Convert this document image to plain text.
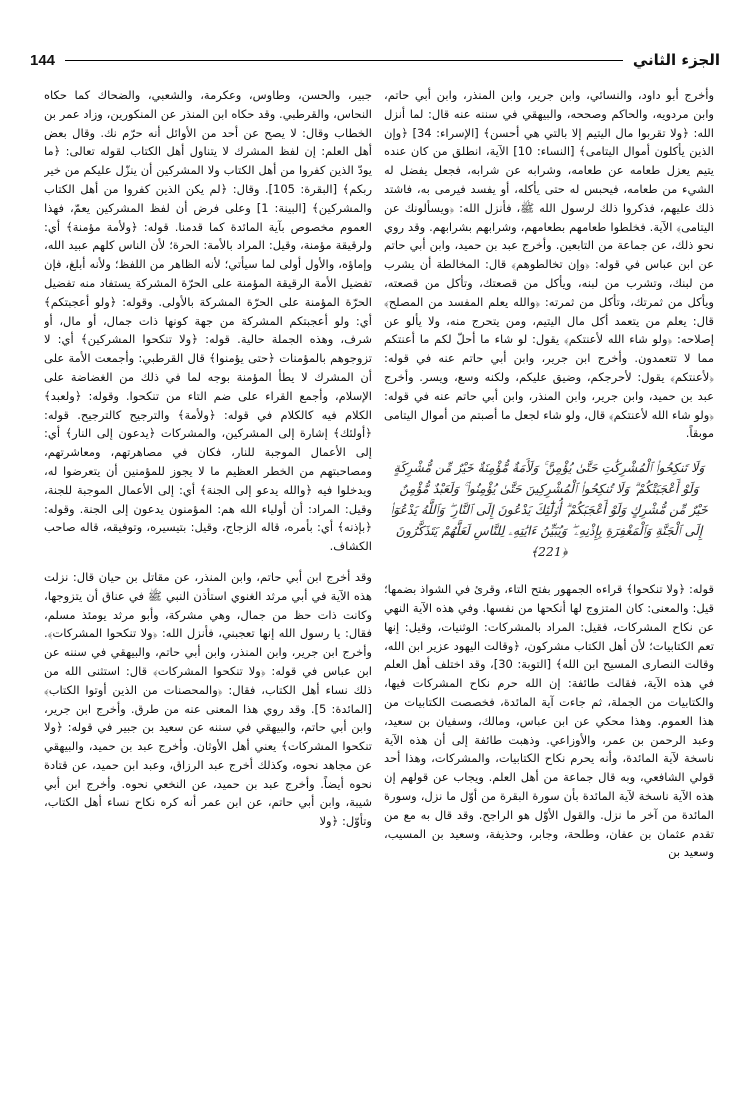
144	الجزء الثاني

وأخرج أبو داود، والنسائي، وابن جرير، وابن المنذر، وابن أبي حاتم، وابن مردويه، والحاكم وصححه، والبيهقي في سننه عنه قال: لما أنزل الله: ﴿ولا تقربوا مال اليتيم إلا بالتي هي أحسن﴾ [الإسراء: 34] ﴿وإن الذين يأكلون أموال اليتامى﴾ [النساء: 10] الآية، انطلق من كان عنده يتيم يعزل طعامه عن طعامه، وشرابه عن شرابه، فجعل يفضل له الشيء من طعامه، فيحبس له حتى يأكله، أو يفسد فيرمى به، فاشتد ذلك عليهم، فذكروا ذلك لرسول الله ﷺ، فأنزل الله: ﴿ويسألونك عن اليتامى﴾ الآية. فخلطوا طعامهم بطعامهم، وشرابهم بشرابهم. وقد روي نحو ذلك، عن جماعة من التابعين. وأخرج عبد بن حميد، وابن أبي حاتم عن ابن عباس في قوله: ﴿وإن تخالطوهم﴾ قال: المخالطة أن يشرب من لبنك، وتشرب من لبنه، ويأكل من قصعتك، وتأكل من قصعته، ويأكل من ثمرتك، وتأكل من ثمرته: ﴿والله يعلم المفسد من المصلح﴾ قال: يعلم من يتعمد أكل مال اليتيم، ومن يتحرج منه، ولا يألو عن إصلاحه: ﴿ولو شاء الله لأعنتكم﴾ يقول: لو شاء ما أحلّ لكم ما أعنتكم مما لا تتعمدون. وأخرج ابن جرير، وابن أبي حاتم عنه في قوله: ﴿لأعنتكم﴾ يقول: لأحرجكم، وضيق عليكم، ولكنه وسع، ويسر. وأخرج عبد بن حميد، وابن جرير، وابن المنذر، وابن أبي حاتم عنه في قوله: ﴿ولو شاء الله لأعنتكم﴾ قال، ولو شاء لجعل ما أصبتم من أموال اليتامى موبقاً.

وَلَا تَنكِحُوا۟ ٱلْمُشْرِكَٰتِ حَتَّىٰ يُؤْمِنَّ ۚ وَلَأَمَةٌ مُّؤْمِنَةٌ خَيْرٌ مِّن مُّشْرِكَةٍ وَلَوْ أَعْجَبَتْكُمْ ۗ وَلَا تُنكِحُوا۟ ٱلْمُشْرِكِينَ حَتَّىٰ يُؤْمِنُوا۟ ۚ وَلَعَبْدٌ مُّؤْمِنٌ خَيْرٌ مِّن مُّشْرِكٍ وَلَوْ أَعْجَبَكُمْ ۗ أُو۟لَٰٓئِكَ يَدْعُونَ إِلَى ٱلنَّارِ ۖ وَٱللَّهُ يَدْعُوٓا۟ إِلَى ٱلْجَنَّةِ وَٱلْمَغْفِرَةِ بِإِذْنِهِۦ ۖ وَيُبَيِّنُ ءَايَٰتِهِۦ لِلنَّاسِ لَعَلَّهُمْ يَتَذَكَّرُونَ ﴿221﴾

قوله: ﴿ولا تنكحوا﴾ قراءه الجمهور بفتح التاء، وقرئ في الشواذ بضمها؛ قيل: والمعنى: كان المتزوج لها أنكحها من نفسها. وفي هذه الآية النهي عن نكاح المشركات، فقيل: المراد بالمشركات: الوثنيات، وقيل: إنها تعم الكتابيات؛ لأن أهل الكتاب مشركون، ﴿وقالت اليهود عزير ابن الله، وقالت النصارى المسيح ابن الله﴾ [التوبة: 30]، وقد اختلف أهل العلم في هذه الآية، فقالت طائفة: إن الله حرم نكاح المشركات فيها، والكتابيات من الجملة، ثم جاءت آية المائدة، فخصصت الكتابيات من هذا العموم. وهذا محكي عن ابن عباس، ومالك، وسفيان بن سعيد، وعبد الرحمن بن عمر، والأوزاعي. وذهبت طائفة إلى أن هذه الآية ناسخة لآية المائدة، وأنه يحرم نكاح الكتابيات، والمشركات، وهذا أحد قولي الشافعي، وبه قال جماعة من أهل العلم. ويجاب عن قولهم إن هذه الآية ناسخة لآية المائدة بأن سورة البقرة من أوّل ما نزل، وسورة المائدة من آخر ما نزل. والقول الأوّل هو الراجح. وقد قال به مع من تقدم عثمان بن عفان، وطلحة، وجابر، وحذيفة، وسعيد بن المسيب، وسعيد بن

جبير، والحسن، وطاوس، وعكرمة، والشعبي، والضحاك كما حكاه النحاس، والقرطبي. وقد حكاه ابن المنذر عن المنكورين، وزاد عمر بن الخطاب وقال: لا يصح عن أحد من الأوائل أنه حرّم نك. وقال بعض أهل العلم: إن لفظ المشرك لا يتناول أهل الكتاب لقوله تعالى: ﴿ما يودّ الذين كفروا من أهل الكتاب ولا المشركين أن ينزّل عليكم من خير ربكم﴾ [البقرة: 105]. وقال: ﴿لم يكن الذين كفروا من أهل الكتاب والمشركين﴾ [البينة: 1] وعلى فرض أن لفظ المشركين يعمّ، فهذا العموم مخصوص بآية المائدة كما قدمنا. قوله: ﴿ولأمة مؤمنة﴾ أي: ولرقيقة مؤمنة، وقيل: المراد بالأمة: الحرة؛ لأن الناس كلهم عبيد الله، وإماؤه، والأول أولى لما سيأتي؛ لأنه الظاهر من اللفظ؛ ولأنه أبلغ، فإن تفضيل الأمة الرقيقة المؤمنة على الحرّة المشركة يستفاد منه تفضيل الحرّة المؤمنة على الحرّة المشركة بالأولى. وقوله: ﴿ولو أعجبتكم﴾ أي: ولو أعجبتكم المشركة من جهة كونها ذات جمال، أو مال، أو شرف، وهذه الجملة حالية. قوله: ﴿ولا تنكحوا المشركين﴾ أي: لا تزوجوهم بالمؤمنات ﴿حتى يؤمنوا﴾ قال القرطبي: وأجمعت الأمة على أن المشرك لا يطأ المؤمنة بوجه لما في ذلك من الغضاضة على الإسلام، وأجمع القراء على ضم التاء من تنكحوا. وقوله: ﴿ولعبد﴾ الكلام فيه كالكلام في قوله: ﴿ولأمة﴾ والترجيح كالترجيح. قوله: ﴿أولئك﴾ إشارة إلى المشركين، والمشركات ﴿يدعون إلى النار﴾ أي: إلى الأعمال الموجبة للنار، فكان في مصاهرتهم، ومعاشرتهم، ومصاحبتهم من الخطر العظيم ما لا يجوز للمؤمنين أن يتعرضوا له، ويدخلوا فيه ﴿والله يدعو إلى الجنة﴾ أي: إلى الأعمال الموجبة للجنة، وقيل: المراد: أن أولياء الله هم: المؤمنون يدعون إلى الجنة. وقوله: ﴿بإذنه﴾ أي: بأمره، قاله الزجاج، وقيل: بتيسيره، وتوفيقه، قاله صاحب الكشاف.

وقد أخرج ابن أبي حاتم، وابن المنذر، عن مقاتل بن حيان قال: نزلت هذه الآية في أبي مرثد الغنوي استأذن النبي ﷺ في عناق أن يتزوجها، وكانت ذات حظ من جمال، وهي مشركة، وأبو مرثد يومئذ مسلم، فقال: يا رسول الله إنها تعجبني، فأنزل الله: ﴿ولا تنكحوا المشركات﴾. وأخرج ابن جرير، وابن المنذر، وابن أبي حاتم، والبيهقي في سننه عن ابن عباس في قوله: ﴿ولا تنكحوا المشركات﴾ قال: استثنى الله من ذلك نساء أهل الكتاب، فقال: ﴿والمحصنات من الذين أوتوا الكتاب﴾ [المائدة: 5]. وقد روي هذا المعنى عنه من طرق. وأخرج ابن جرير، وابن أبي حاتم، والبيهقي في سننه عن سعيد بن جبير في قوله: ﴿ولا تنكحوا المشركات﴾ يعني أهل الأوثان. وأخرج عبد بن حميد، والبيهقي عن مجاهد نحوه، وكذلك أخرج عبد الرزاق، وعبد ابن حميد، عن قتادة نحوه أيضاً. وأخرج عبد بن حميد، عن النخعي نحوه. وأخرج ابن أبي شيبة، وابن أبي حاتم، عن ابن عمر أنه كره نكاح نساء أهل الكتاب، وتأوّل: ﴿ولا
